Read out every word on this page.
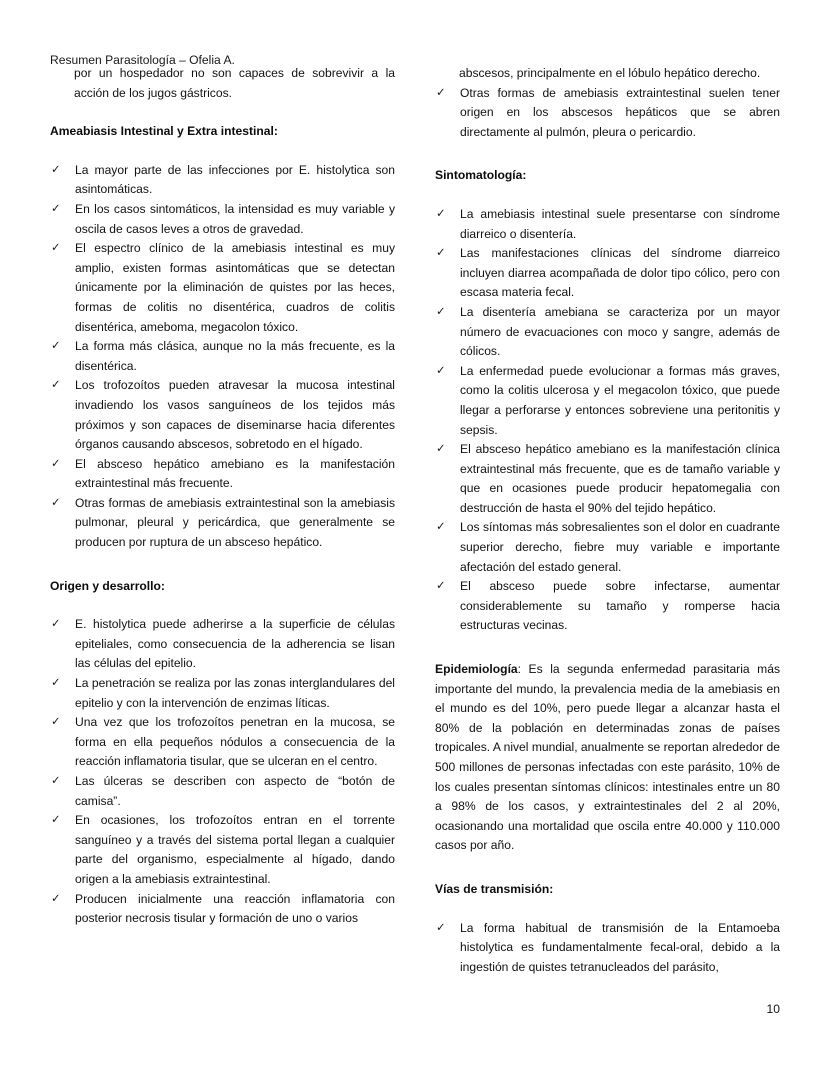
Resumen Parasitología – Ofelia A.

por un hospedador no son capaces de sobrevivir a la acción de los jugos gástricos.

Ameabiasis Intestinal y Extra intestinal:

✓	La mayor parte de las infecciones por E. histolytica son asintomáticas.
✓	En los casos sintomáticos, la intensidad es muy variable y oscila de casos leves a otros de gravedad.
✓	El espectro clínico de la amebiasis intestinal es muy amplio, existen formas asintomáticas que se detectan únicamente por la eliminación de quistes por las heces, formas de colitis no disentérica, cuadros de colitis disentérica, ameboma, megacolon tóxico.
✓	La forma más clásica, aunque no la más frecuente, es la disentérica.
✓	Los trofozoítos pueden atravesar la mucosa intestinal invadiendo los vasos sanguíneos de los tejidos más próximos y son capaces de diseminarse hacia diferentes órganos causando abscesos, sobretodo en el hígado.
✓	El absceso hepático amebiano es la manifestación extraintestinal más frecuente.
✓	Otras formas de amebiasis extraintestinal son la amebiasis pulmonar, pleural y pericárdica, que generalmente se producen por ruptura de un absceso hepático.

Origen y desarrollo:

✓	E. histolytica puede adherirse a la superficie de células epiteliales, como consecuencia de la adherencia se lisan las células del epitelio.
✓	La penetración se realiza por las zonas interglandulares del epitelio y con la intervención de enzimas líticas.
✓	Una vez que los trofozoítos penetran en la mucosa, se forma en ella pequeños nódulos a consecuencia de la reacción inflamatoria tisular, que se ulceran en el centro.
✓	Las úlceras se describen con aspecto de “botón de camisa”.
✓	En ocasiones, los trofozoítos entran en el torrente sanguíneo y a través del sistema portal llegan a cualquier parte del organismo, especialmente al hígado, dando origen a la amebiasis extraintestinal.
✓	Producen inicialmente una reacción inflamatoria con posterior necrosis tisular y formación de uno o varios

abscesos, principalmente en el lóbulo hepático derecho.

✓	Otras formas de amebiasis extraintestinal suelen tener origen en los abscesos hepáticos que se abren directamente al pulmón, pleura o pericardio.

Sintomatología:

✓	La amebiasis intestinal suele presentarse con síndrome diarreico o disentería.
✓	Las manifestaciones clínicas del síndrome diarreico incluyen diarrea acompañada de dolor tipo cólico, pero con escasa materia fecal.
✓	La disentería amebiana se caracteriza por un mayor número de evacuaciones con moco y sangre, además de cólicos.
✓	La enfermedad puede evolucionar a formas más graves, como la colitis ulcerosa y el megacolon tóxico, que puede llegar a perforarse y entonces sobreviene una peritonitis y sepsis.
✓	El absceso hepático amebiano es la manifestación clínica extraintestinal más frecuente, que es de tamaño variable y que en ocasiones puede producir hepatomegalia con destrucción de hasta el 90% del tejido hepático.
✓	Los síntomas más sobresalientes son el dolor en cuadrante superior derecho, fiebre muy variable e importante afectación del estado general.
✓	El absceso puede sobre infectarse, aumentar considerablemente su tamaño y romperse hacia estructuras vecinas.

Epidemiología: Es la segunda enfermedad parasitaria más importante del mundo, la prevalencia media de la amebiasis en el mundo es del 10%, pero puede llegar a alcanzar hasta el 80% de la población en determinadas zonas de países tropicales. A nivel mundial, anualmente se reportan alrededor de 500 millones de personas infectadas con este parásito, 10% de los cuales presentan síntomas clínicos: intestinales entre un 80 a 98% de los casos, y extraintestinales del 2 al 20%, ocasionando una mortalidad que oscila entre 40.000 y 110.000 casos por año.

Vías de transmisión:

✓	La forma habitual de transmisión de la Entamoeba histolytica es fundamentalmente fecal-oral, debido a la ingestión de quistes tetranucleados del parásito,
10
